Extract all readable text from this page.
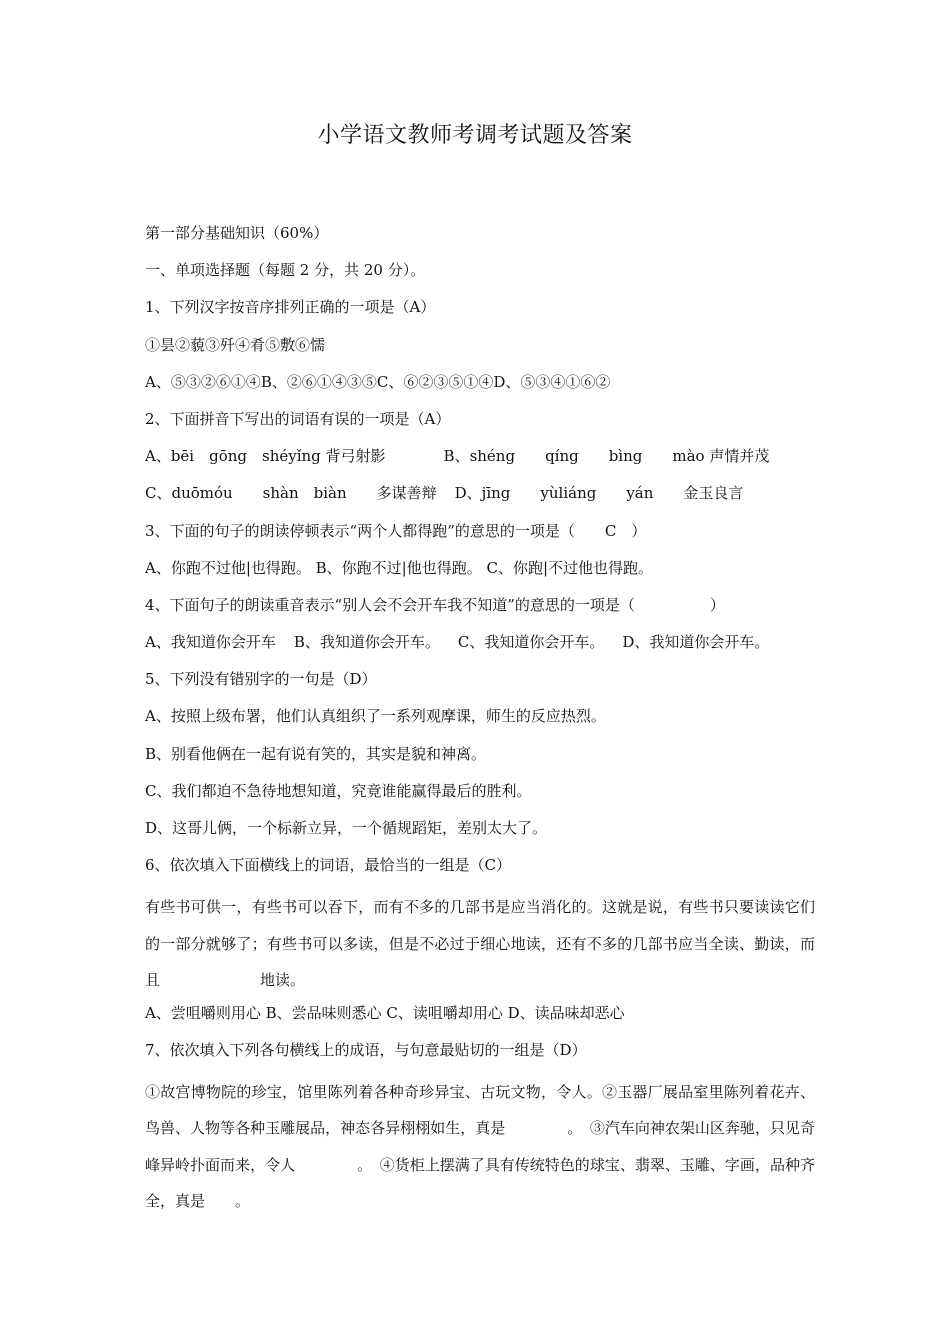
小学语文教师考调考试题及答案
第一部分基础知识（60%）
一、单项选择题（每题 2 分，共 20 分）。
1、下列汉字按音序排列正确的一项是（A）
①昙②藐③歼④肴⑤敷⑥懦
A、⑤③②⑥①④B、②⑥①④③⑤C、⑥②③⑤①④D、⑤③④①⑥②
2、下面拼音下写出的词语有误的一项是（A）
A、bēi　gōng　shéyǐng 背弓射影	B、shéng　　qíng　　bìng　　mào 声情并茂
C、duōmóu　　shàn　biàn　　多谋善辩 D、jīng　　yùliáng　　yán　　金玉良言
3、下面的句子的朗读停顿表示“两个人都得跑”的意思的一项是（　　C　）
A、你跑不过他|也得跑。 B、你跑不过|他也得跑。 C、你跑|不过他也得跑。
4、下面句子的朗读重音表示“别人会不会开车我不知道”的意思的一项是（　　　　　）
A、我知道你会开车 B、我知道你会开车。 C、我知道你会开车。 D、我知道你会开车。
5、下列没有错别字的一句是（D）
A、按照上级布署，他们认真组织了一系列观摩课，师生的反应热烈。
B、别看他俩在一起有说有笑的，其实是貌和神离。
C、我们都迫不急待地想知道，究竟谁能赢得最后的胜利。
D、这哥儿俩，一个标新立异，一个循规蹈矩，差别太大了。
6、依次填入下面横线上的词语，最恰当的一组是（C）
有些书可供一，有些书可以吞下，而有不多的几部书是应当消化的。这就是说，有些书只要读读它们的一部分就够了；有些书可以多读，但是不必过于细心地读，还有不多的几部书应当全读、勤读，而且	地读。
A、尝咀嚼则用心 B、尝品味则悉心 C、读咀嚼却用心 D、读品味却恶心
7、依次填入下列各句横线上的成语，与句意最贴切的一组是（D）
①故宫博物院的珍宝，馆里陈列着各种奇珍异宝、古玩文物，令人。②玉器厂展品室里陈列着花卉、鸟兽、人物等各种玉雕展品，神态各异栩栩如生，真是	。　③汽车向神农架山区奔驰，只见奇峰异岭扑面而来，令人	。　④货柜上摆满了具有传统特色的球宝、翡翠、玉雕、字画，品种齐全，真是 。
